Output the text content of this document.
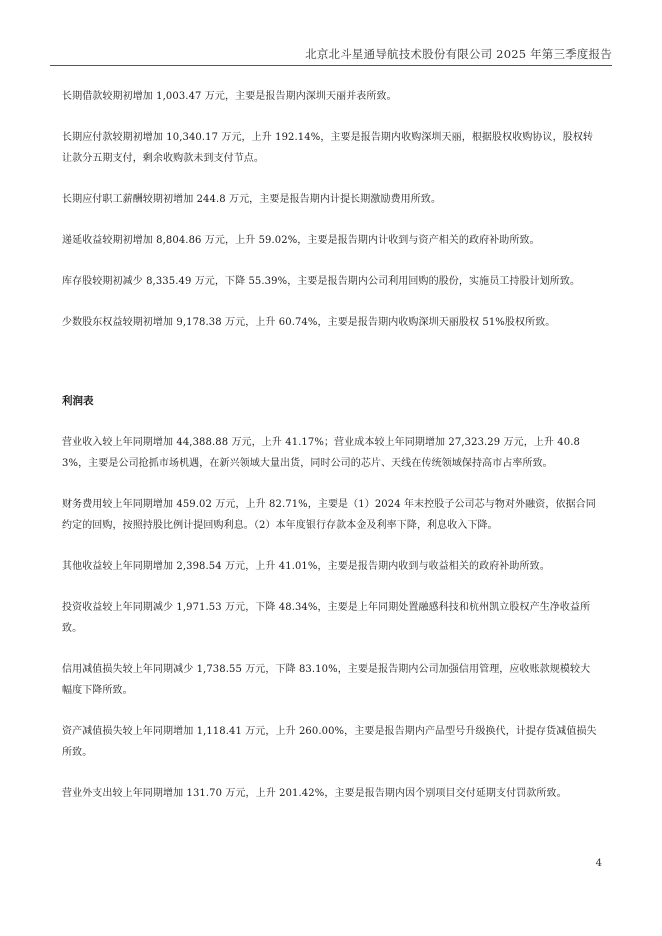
北京北斗星通导航技术股份有限公司 2025 年第三季度报告

长期借款较期初增加 1,003.47 万元，主要是报告期内深圳天丽并表所致。

长期应付款较期初增加 10,340.17 万元，上升 192.14%，主要是报告期内收购深圳天丽，根据股权收购协议，股权转让款分五期支付，剩余收购款未到支付节点。

长期应付职工薪酬较期初增加 244.8 万元，主要是报告期内计提长期激励费用所致。

递延收益较期初增加 8,804.86 万元，上升 59.02%，主要是报告期内计收到与资产相关的政府补助所致。

库存股较期初减少 8,335.49 万元，下降 55.39%，主要是报告期内公司利用回购的股份，实施员工持股计划所致。

少数股东权益较期初增加 9,178.38 万元，上升 60.74%，主要是报告期内收购深圳天丽股权 51%股权所致。

利润表

营业收入较上年同期增加 44,388.88 万元，上升 41.17%；营业成本较上年同期增加 27,323.29 万元，上升 40.83%，主要是公司抢抓市场机遇，在新兴领域大量出货，同时公司的芯片、天线在传统领域保持高市占率所致。

财务费用较上年同期增加 459.02 万元，上升 82.71%，主要是（1）2024 年末控股子公司芯与物对外融资，依据合同约定的回购，按照持股比例计提回购利息。（2）本年度银行存款本金及利率下降，利息收入下降。

其他收益较上年同期增加 2,398.54 万元，上升 41.01%，主要是报告期内收到与收益相关的政府补助所致。

投资收益较上年同期减少 1,971.53 万元，下降 48.34%，主要是上年同期处置融感科技和杭州凯立股权产生净收益所致。

信用减值损失较上年同期减少 1,738.55 万元，下降 83.10%，主要是报告期内公司加强信用管理，应收账款规模较大幅度下降所致。

资产减值损失较上年同期增加 1,118.41 万元，上升 260.00%，主要是报告期内产品型号升级换代，计提存货减值损失所致。

营业外支出较上年同期增加 131.70 万元，上升 201.42%，主要是报告期内因个别项目交付延期支付罚款所致。

4
